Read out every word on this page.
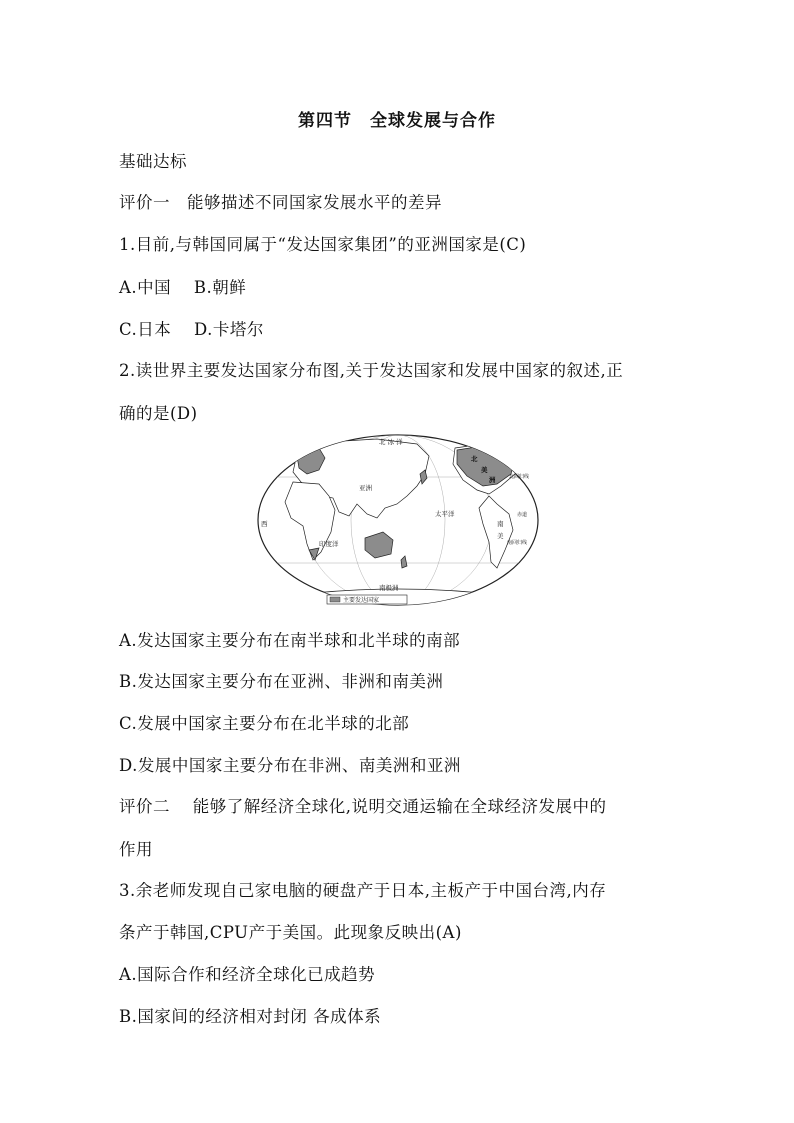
第四节　全球发展与合作
基础达标
评价一　能够描述不同国家发展水平的差异
1.目前,与韩国同属于“发达国家集团”的亚洲国家是(C)
A.中国　 B.朝鲜
C.日本　 D.卡塔尔
2.读世界主要发达国家分布图,关于发达国家和发展中国家的叙述,正
确的是(D)
北 冰 洋
亚洲
太平洋
印度洋
北
美
洲	北回归线
赤道
南
美
南回归线
西
南极洲
主要发达国家
A.发达国家主要分布在南半球和北半球的南部
B.发达国家主要分布在亚洲、非洲和南美洲
C.发展中国家主要分布在北半球的北部
D.发展中国家主要分布在非洲、南美洲和亚洲
评价二　 能够了解经济全球化,说明交通运输在全球经济发展中的
作用
3.余老师发现自己家电脑的硬盘产于日本,主板产于中国台湾,内存
条产于韩国,CPU产于美国。此现象反映出(A)
A.国际合作和经济全球化已成趋势
B.国家间的经济相对封闭 各成体系
